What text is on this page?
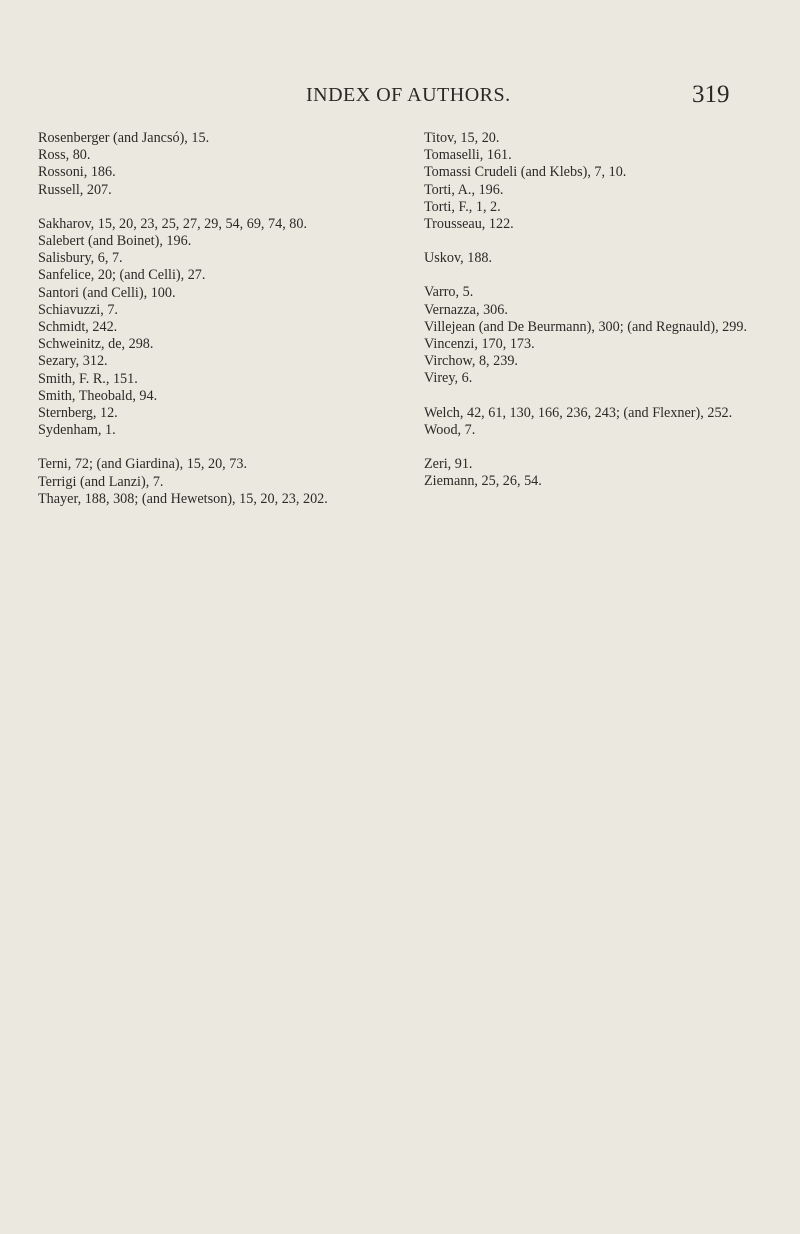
INDEX OF AUTHORS.	319

Rosenberger (and Jancsó), 15.

Ross, 80.

Rossoni, 186.

Russell, 207.

Sakharov, 15, 20, 23, 25, 27, 29, 54, 69, 74, 80.

Salebert (and Boinet), 196.

Salisbury, 6, 7.

Sanfelice, 20; (and Celli), 27.

Santori (and Celli), 100.

Schiavuzzi, 7.

Schmidt, 242.

Schweinitz, de, 298.

Sezary, 312.

Smith, F. R., 151.

Smith, Theobald, 94.

Sternberg, 12.

Sydenham, 1.

Terni, 72; (and Giardina), 15, 20, 73.

Terrigi (and Lanzi), 7.

Thayer, 188, 308; (and Hewetson), 15, 20, 23, 202.

Titov, 15, 20.

Tomaselli, 161.

Tomassi Crudeli (and Klebs), 7, 10.

Torti, A., 196.

Torti, F., 1, 2.

Trousseau, 122.

Uskov, 188.

Varro, 5.

Vernazza, 306.

Villejean (and De Beurmann), 300; (and Regnauld), 299.

Vincenzi, 170, 173.

Virchow, 8, 239.

Virey, 6.

Welch, 42, 61, 130, 166, 236, 243; (and Flexner), 252.

Wood, 7.

Zeri, 91.

Ziemann, 25, 26, 54.
